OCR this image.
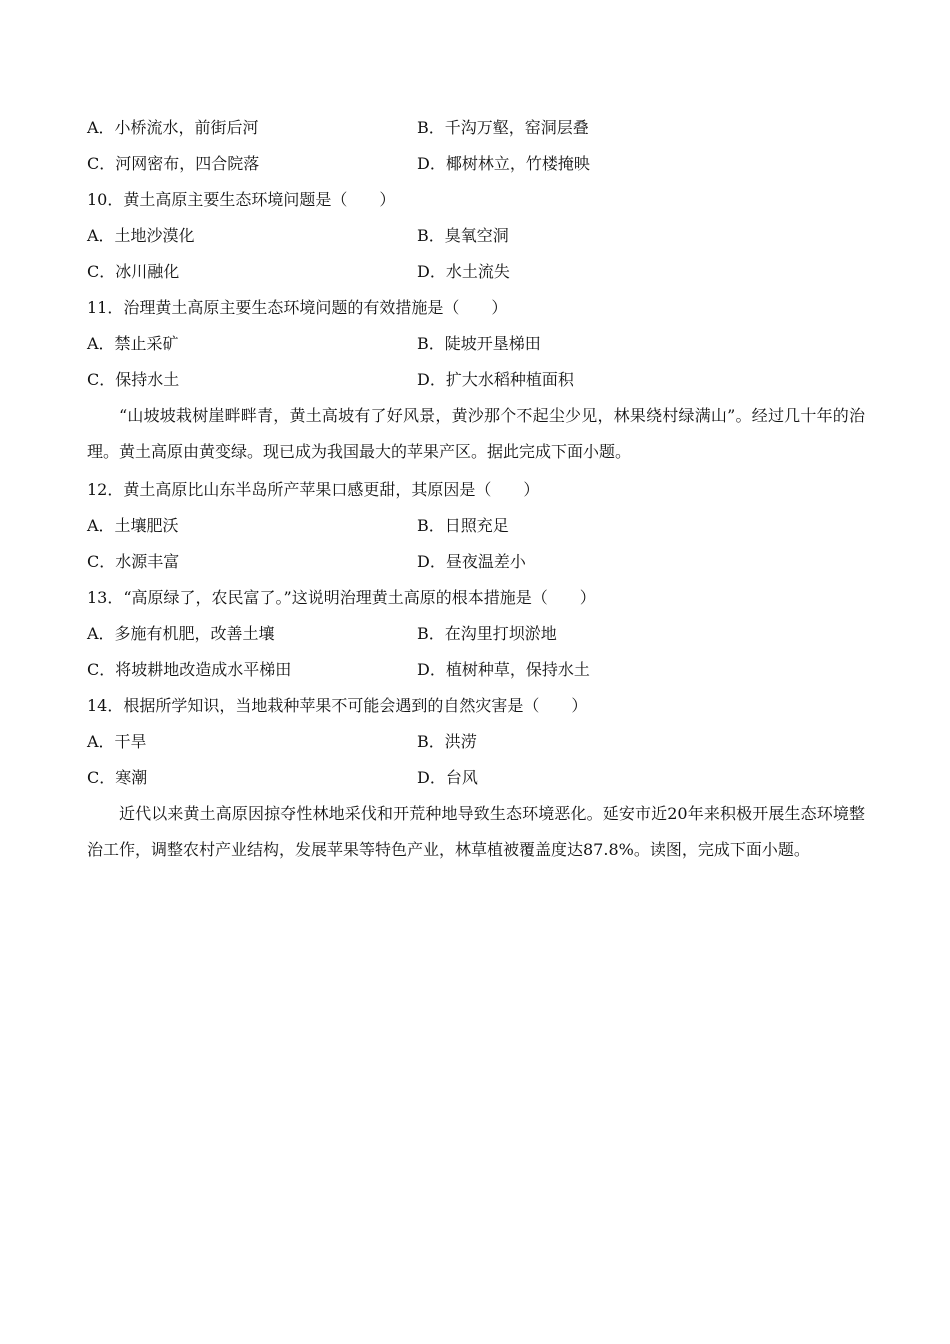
A．小桥流水，前街后河	B．千沟万壑，窑洞层叠
C．河网密布，四合院落	D．椰树林立，竹楼掩映
10．黄土高原主要生态环境问题是（　　）
A．土地沙漠化	B．臭氧空洞
C．冰川融化	D．水土流失
11．治理黄土高原主要生态环境问题的有效措施是（　　）
A．禁止采矿	B．陡坡开垦梯田
C．保持水土	D．扩大水稻种植面积
“山坡坡栽树崖畔畔青，黄土高坡有了好风景，黄沙那个不起尘少见，林果绕村绿满山”。经过几十年的治理。黄土高原由黄变绿。现已成为我国最大的苹果产区。据此完成下面小题。
12．黄土高原比山东半岛所产苹果口感更甜，其原因是（　　）
A．土壤肥沃	B．日照充足
C．水源丰富	D．昼夜温差小
13．“高原绿了，农民富了。”这说明治理黄土高原的根本措施是（　　）
A．多施有机肥，改善土壤	B．在沟里打坝淤地
C．将坡耕地改造成水平梯田	D．植树种草，保持水土
14．根据所学知识，当地栽种苹果不可能会遇到的自然灾害是（　　）
A．干旱	B．洪涝
C．寒潮	D．台风
近代以来黄土高原因掠夺性林地采伐和开荒种地导致生态环境恶化。延安市近20年来积极开展生态环境整治工作，调整农村产业结构，发展苹果等特色产业，林草植被覆盖度达87.8%。读图，完成下面小题。
